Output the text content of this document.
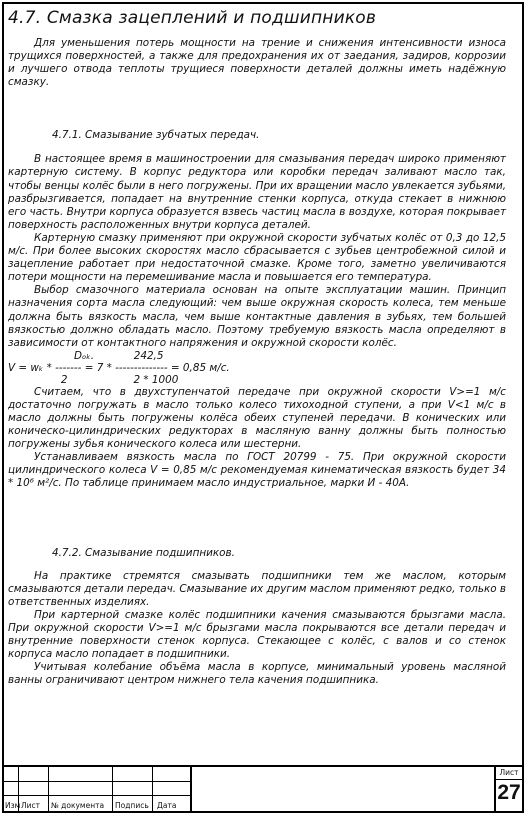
4.7. Смазка зацеплений и подшипников

Для уменьшения потерь мощности на трение и снижения интенсивности износа трущихся поверхностей, а также для предохранения их от заедания, задиров, коррозии и лучшего отвода теплоты трущиеся поверхности деталей должны иметь надёжную смазку.

4.7.1. Смазывание зубчатых передач.

В настоящее время в машиностроении для смазывания передач широко применяют картерную систему. В корпус редуктора или коробки передач заливают масло так, чтобы венцы колёс были в него погружены. При их вращении масло увлекается зубьями, разбрызгивается, попадает на внутренние стенки корпуса, откуда стекает в нижнюю его часть. Внутри корпуса образуется взвесь частиц масла в воздухе, которая покрывает поверхность расположенных внутри корпуса деталей.

Картерную смазку применяют при окружной скорости зубчатых колёс от 0,3 до 12,5 м/с. При более высоких скоростях масло сбрасывается с зубьев центробежной силой и зацепление работает при недостаточной смазке. Кроме того, заметно увеличиваются потери мощности на перемешивание масла и повышается его температура.

Выбор смазочного материала основан на опыте эксплуатации машин. Принцип назначения сорта масла следующий: чем выше окружная скорость колеса, тем меньше должна быть вязкость масла, чем выше контактные давления в зубьях, тем большей вязкостью должно обладать масло. Поэтому требуемую вязкость масла определяют в зависимости от контактного напряжения и окружной скорости колёс.

Dₒₖ.            242,5

V = wₖ * ------- = 7 * -------------- = 0,85 м/с.

2                    2 * 1000

Считаем, что в двухступенчатой передаче при окружной скорости V>=1 м/с достаточно погружать в масло только колесо тихоходной ступени, а при V<1 м/с в масло должны быть погружены колёса обеих ступеней передачи. В конических или коническо-цилиндрических редукторах в масляную ванну должны быть полностью погружены зубья конического колеса или шестерни.

Устанавливаем вязкость масла по ГОСТ 20799 - 75. При окружной скорости цилиндрического колеса V = 0,85 м/с рекомендуемая кинематическая вязкость будет 34 * 10⁶ м²/с. По таблице принимаем масло индустриальное, марки И - 40А.

4.7.2. Смазывание подшипников.

На практике стремятся смазывать подшипники тем же маслом, которым смазываются детали передач. Смазывание их другим маслом применяют редко, только в ответственных изделиях.

При картерной смазке колёс подшипники качения смазываются брызгами масла. При окружной скорости V>=1 м/с брызгами масла покрываются все детали передач и внутренние поверхности стенок корпуса. Стекающее с колёс, с валов и со стенок корпуса масло попадает в подшипники.

Учитывая колебание объёма масла в корпусе, минимальный уровень масляной ванны ограничивают центром нижнего тела качения подшипника.

Изм Лист № документа Подпись Дата
Лист
27
